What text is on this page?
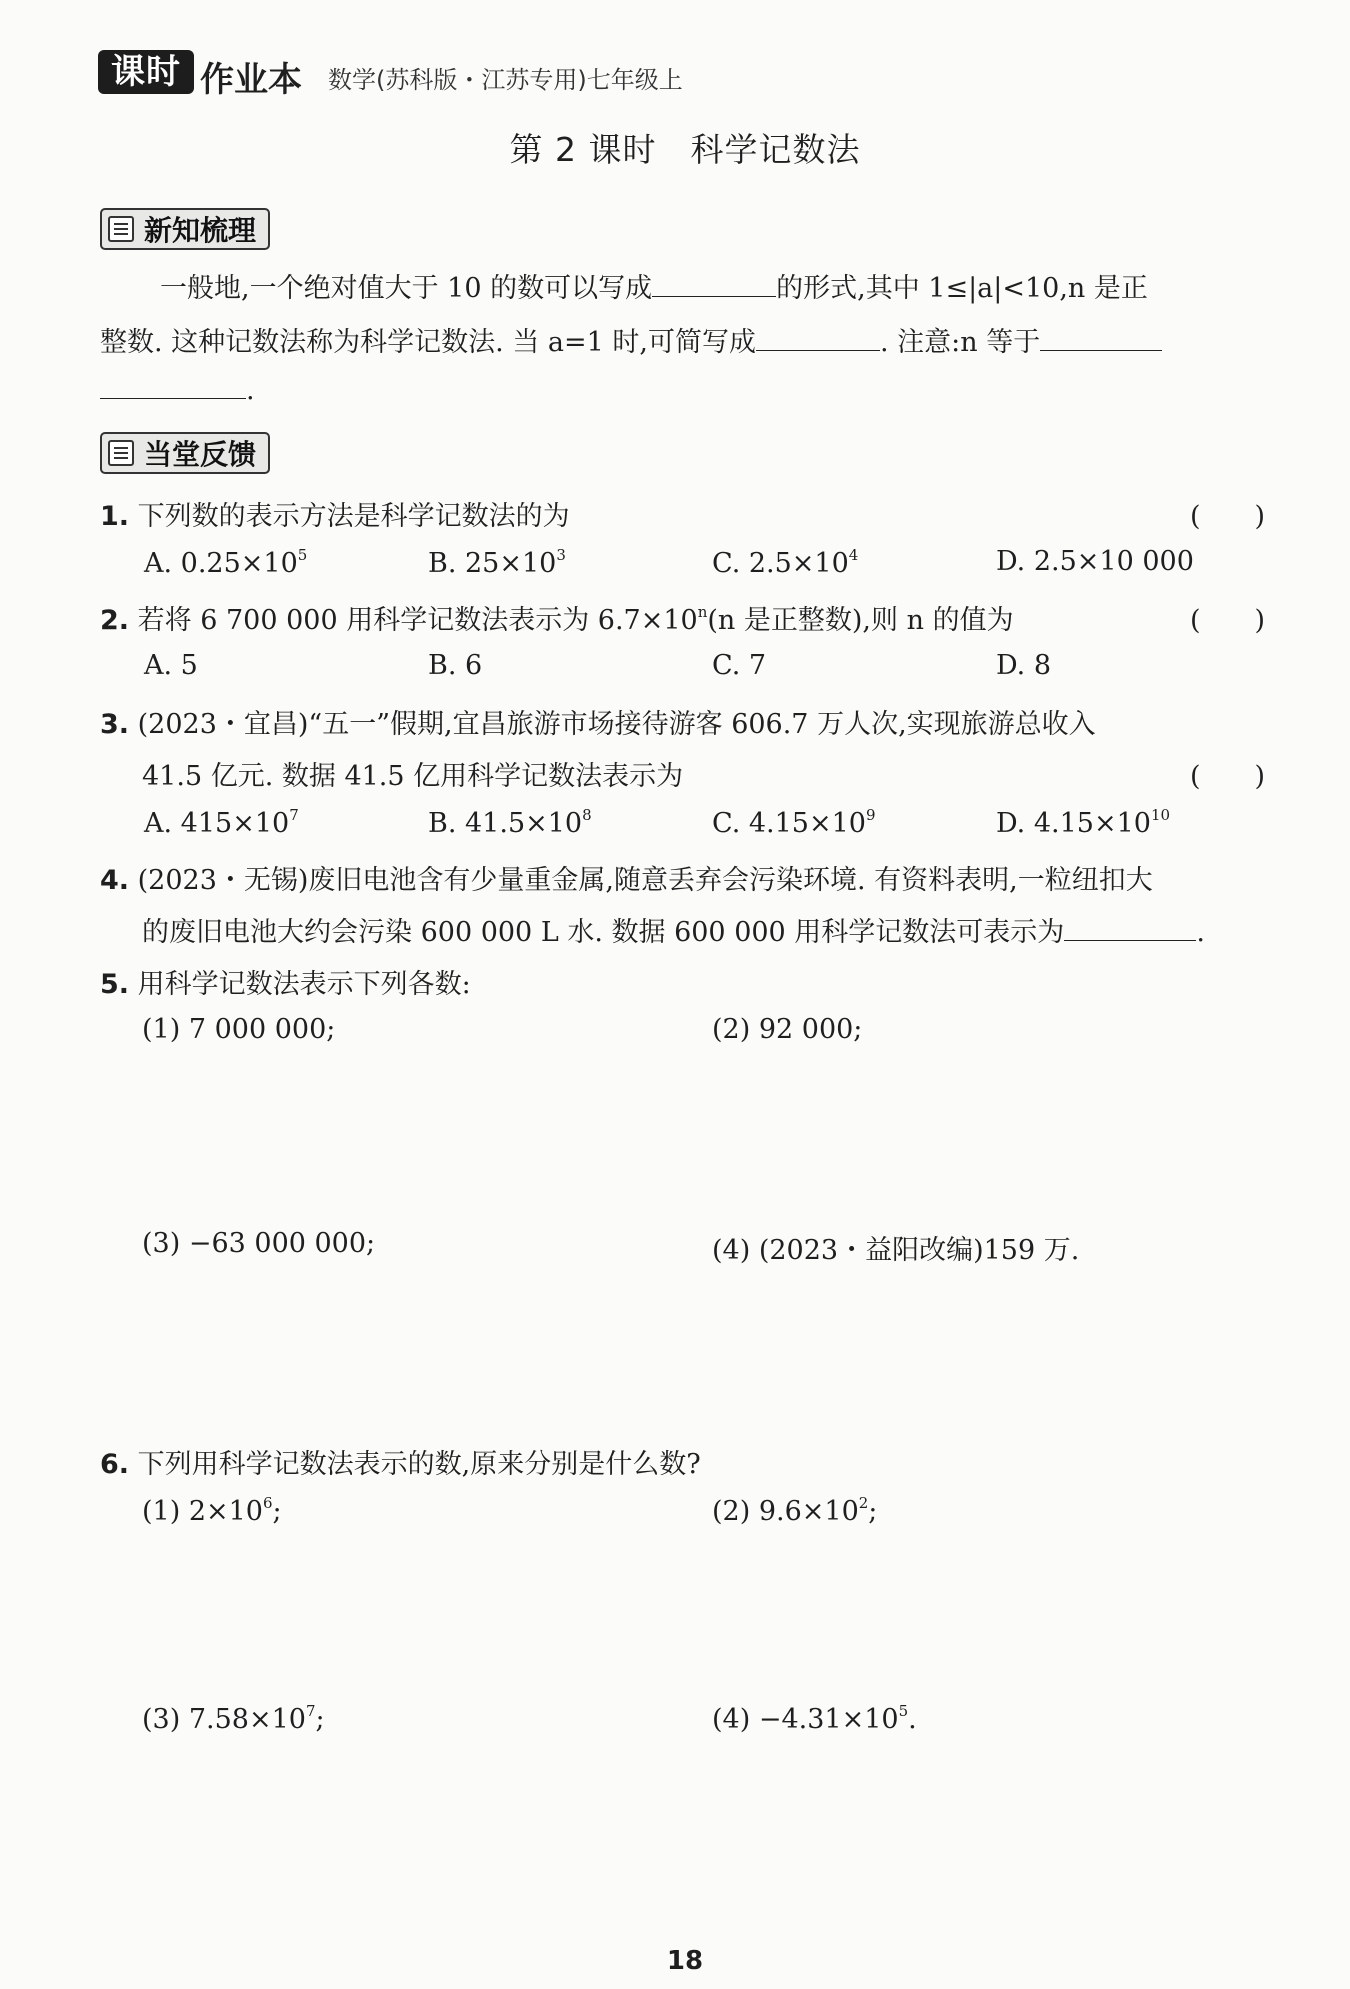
课时 作业本 数学(苏科版・江苏专用)七年级上
第 2 课时　科学记数法
新知梳理
一般地,一个绝对值大于 10 的数可以写成	的形式,其中 1≤|a|<10,n 是正
整数. 这种记数法称为科学记数法. 当 a=1 时,可简写成	. 注意:n 等于
.
当堂反馈
1. 下列数的表示方法是科学记数法的为	(　　)
A. $0.25\times 10^5$	B. $25\times 10^3$	C. $2.5\times 10^4$	D. 2.5×10 000
2. 若将 6 700 000 用科学记数法表示为 $6.7\times 10^n(n$ 是正整数),则 n 的值为	(　　)
A. 5	B. 6	C. 7	D. 8
3. (2023・宜昌)“五一”假期,宜昌旅游市场接待游客 606.7 万人次,实现旅游总收入
41.5 亿元. 数据 41.5 亿用科学记数法表示为	(　　)
A. $415\times 10^7$	B. $41.5\times 10^8$	C. $4.15\times 10^9$	D. $4.15\times 10^{10}$
4. (2023・无锡)废旧电池含有少量重金属,随意丢弃会污染环境. 有资料表明,一粒纽扣大
的废旧电池大约会污染 600 000 L 水. 数据 600 000 用科学记数法可表示为	.
5. 用科学记数法表示下列各数:
(1) 7 000 000;	(2) 92 000;
(3) −63 000 000;	(4) (2023・益阳改编)159 万.
6. 下列用科学记数法表示的数,原来分别是什么数?
(1) $2\times 10^6$;	(2) $9.6\times 10^2$;
(3) $7.58\times 10^7$;	$(4) -4.31\times 10^5$.
18
